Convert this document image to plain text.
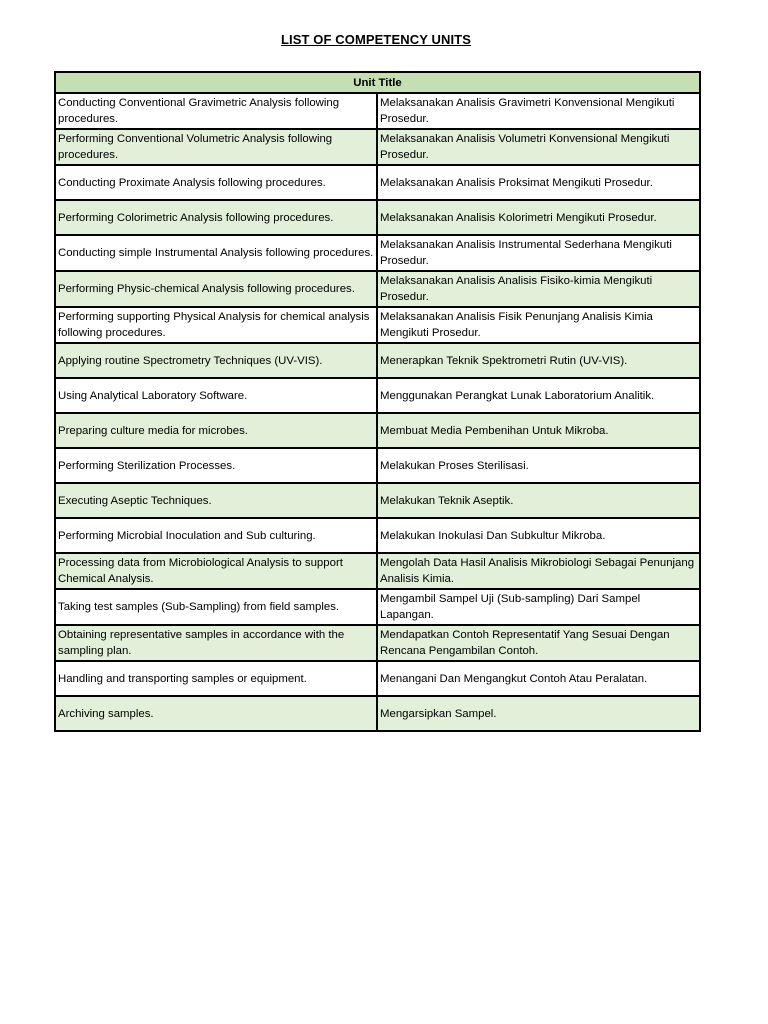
LIST OF COMPETENCY UNITS
Unit Title	
Conducting Conventional Gravimetric Analysis following procedures.	Melaksanakan Analisis Gravimetri Konvensional Mengikuti Prosedur.
Performing Conventional Volumetric Analysis following procedures.	Melaksanakan Analisis Volumetri Konvensional Mengikuti Prosedur.
Conducting Proximate Analysis following procedures.	Melaksanakan Analisis Proksimat Mengikuti Prosedur.
Performing Colorimetric Analysis following procedures.	Melaksanakan Analisis Kolorimetri Mengikuti Prosedur.
Conducting simple Instrumental Analysis following procedures.	Melaksanakan Analisis Instrumental Sederhana Mengikuti Prosedur.
Performing Physic-chemical Analysis following procedures.	Melaksanakan Analisis Analisis Fisiko-kimia Mengikuti Prosedur.
Performing supporting Physical Analysis for chemical analysis following procedures.	Melaksanakan Analisis Fisik Penunjang Analisis Kimia Mengikuti Prosedur.
Applying routine Spectrometry Techniques (UV-VIS).	Menerapkan Teknik Spektrometri Rutin (UV-VIS).
Using Analytical Laboratory Software.	Menggunakan Perangkat Lunak Laboratorium Analitik.
Preparing culture media for microbes.	Membuat Media Pembenihan Untuk Mikroba.
Performing Sterilization Processes.	Melakukan Proses Sterilisasi.
Executing Aseptic Techniques.	Melakukan Teknik Aseptik.
Performing Microbial Inoculation and Sub culturing.	Melakukan Inokulasi Dan Subkultur Mikroba.
Processing data from Microbiological Analysis to support Chemical Analysis.	Mengolah Data Hasil Analisis Mikrobiologi Sebagai Penunjang Analisis Kimia.
Taking test samples (Sub-Sampling) from field samples.	Mengambil Sampel Uji (Sub-sampling) Dari Sampel Lapangan.
Obtaining representative samples in accordance with the sampling plan.	Mendapatkan Contoh Representatif Yang Sesuai Dengan Rencana Pengambilan Contoh.
Handling and transporting samples or equipment.	Menangani Dan Mengangkut Contoh Atau Peralatan.
Archiving samples.	Mengarsipkan Sampel.
